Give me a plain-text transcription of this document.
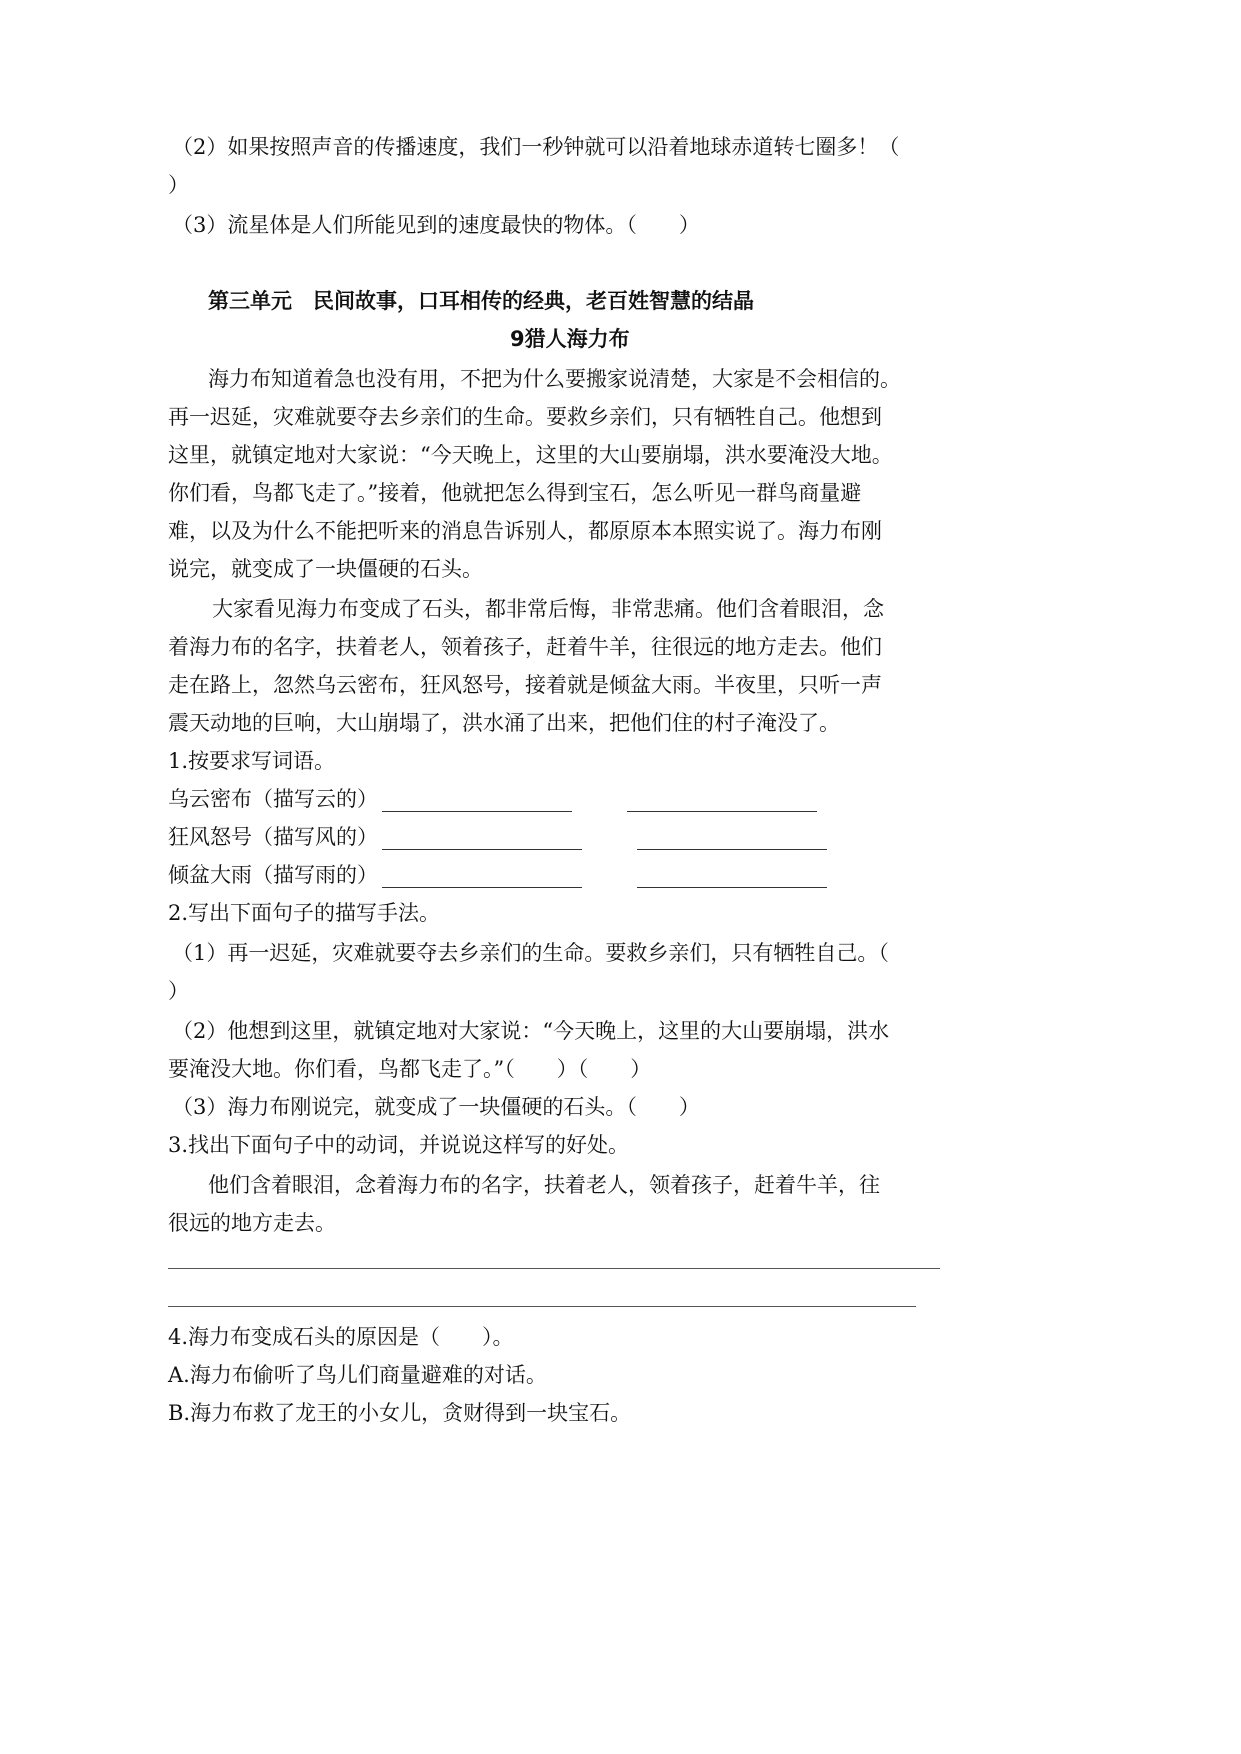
（2）如果按照声音的传播速度，我们一秒钟就可以沿着地球赤道转七圈多！（
）
（3）流星体是人们所能见到的速度最快的物体。（　　）
第三单元　民间故事，口耳相传的经典，老百姓智慧的结晶
9猎人海力布
海力布知道着急也没有用，不把为什么要搬家说清楚，大家是不会相信的。
再一迟延，灾难就要夺去乡亲们的生命。要救乡亲们，只有牺牲自己。他想到
这里，就镇定地对大家说：“今天晚上，这里的大山要崩塌，洪水要淹没大地。
你们看，鸟都飞走了。”接着，他就把怎么得到宝石，怎么听见一群鸟商量避
难，以及为什么不能把听来的消息告诉别人，都原原本本照实说了。海力布刚
说完，就变成了一块僵硬的石头。
大家看见海力布变成了石头，都非常后悔，非常悲痛。他们含着眼泪，念
着海力布的名字，扶着老人，领着孩子，赶着牛羊，往很远的地方走去。他们
走在路上，忽然乌云密布，狂风怒号，接着就是倾盆大雨。半夜里，只听一声
震天动地的巨响，大山崩塌了，洪水涌了出来，把他们住的村子淹没了。
1.按要求写词语。
乌云密布（描写云的）
狂风怒号（描写风的）
倾盆大雨（描写雨的）
2.写出下面句子的描写手法。
（1）再一迟延，灾难就要夺去乡亲们的生命。要救乡亲们，只有牺牲自己。（
）
（2）他想到这里，就镇定地对大家说：“今天晚上，这里的大山要崩塌，洪水
要淹没大地。你们看，鸟都飞走了。”（　　）（　　）
（3）海力布刚说完，就变成了一块僵硬的石头。（　　）
3.找出下面句子中的动词，并说说这样写的好处。
他们含着眼泪，念着海力布的名字，扶着老人，领着孩子，赶着牛羊，往
很远的地方走去。
4.海力布变成石头的原因是（　　）。
A.海力布偷听了鸟儿们商量避难的对话。
B.海力布救了龙王的小女儿，贪财得到一块宝石。
